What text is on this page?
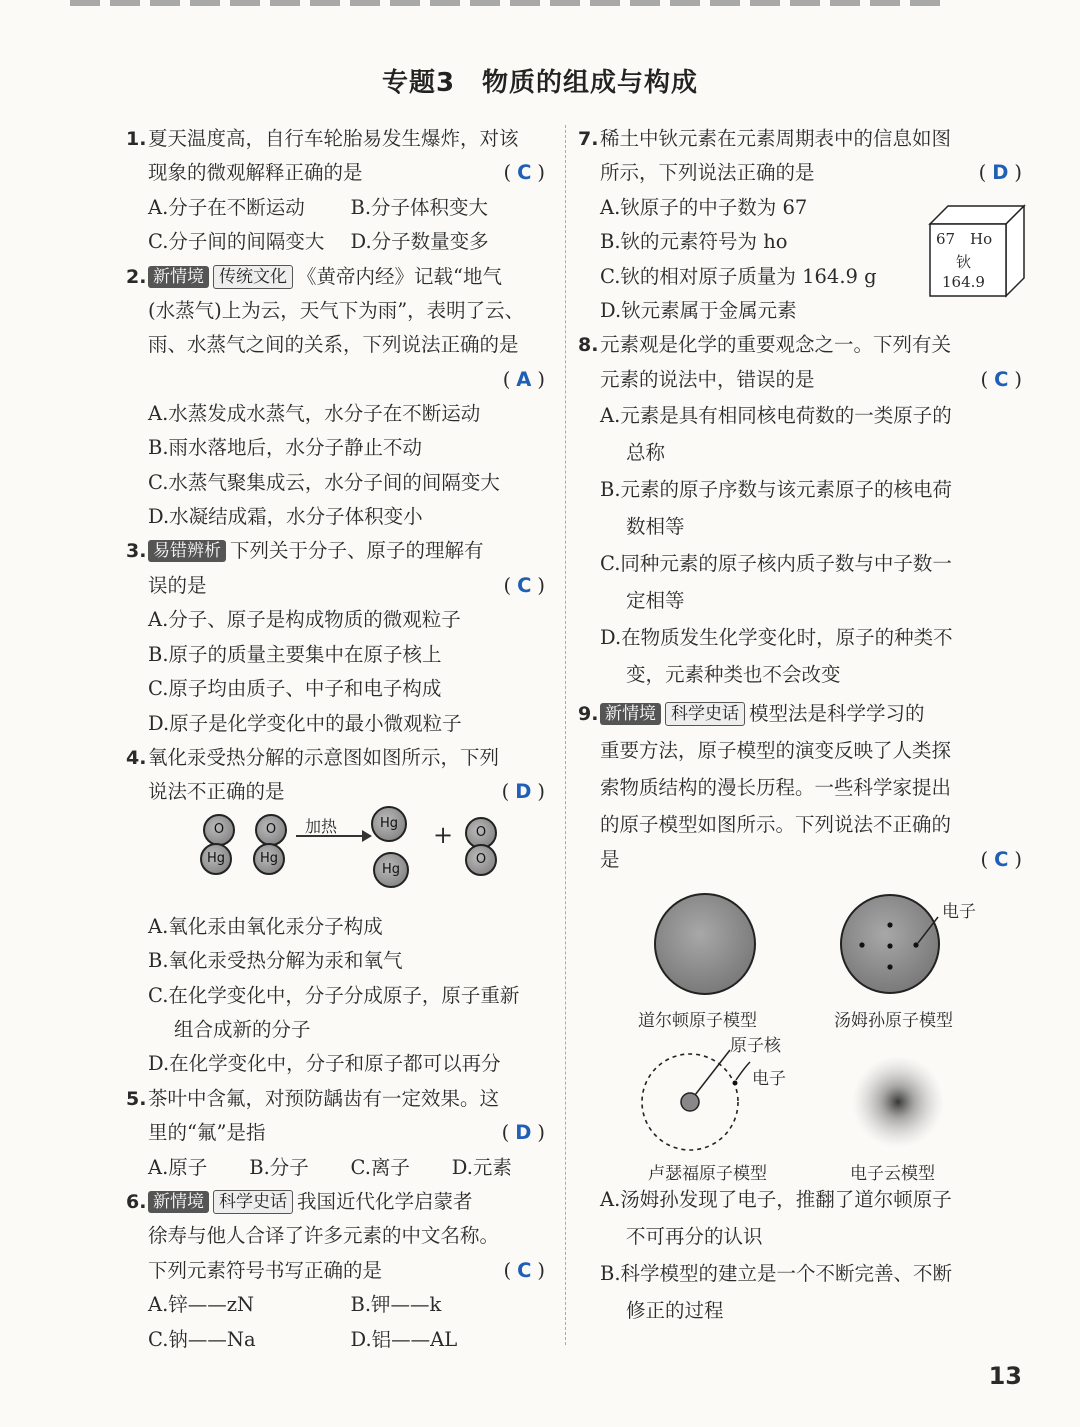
专题3　物质的组成与构成
1. 夏天温度高，自行车轮胎易发生爆炸，对该
现象的微观解释正确的是	( C )
A.分子在不断运动	B.分子体积变大
C.分子间的间隔变大	D.分子数量变多
2. 新情境 传统文化 《黄帝内经》记载“地气
(水蒸气)上为云，天气下为雨”，表明了云、
雨、水蒸气之间的关系，下列说法正确的是
( A )
A.水蒸发成水蒸气，水分子在不断运动
B.雨水落地后，水分子静止不动
C.水蒸气聚集成云，水分子间的间隔变大
D.水凝结成霜，水分子体积变小
3. 易错辨析 下列关于分子、原子的理解有
误的是	( C )
A.分子、原子是构成物质的微观粒子
B.原子的质量主要集中在原子核上
C.原子均由质子、中子和电子构成
D.原子是化学变化中的最小微观粒子
4. 氧化汞受热分解的示意图如图所示，下列
说法不正确的是	( D )
O
Hg
O
Hg
加热	Hg
Hg
+	O
O
A.氧化汞由氧化汞分子构成
B.氧化汞受热分解为汞和氧气
C.在化学变化中，分子分成原子，原子重新
组合成新的分子
D.在化学变化中，分子和原子都可以再分
5. 茶叶中含氟，对预防龋齿有一定效果。这
里的“氟”是指	( D )
A.原子	B.分子	C.离子	D.元素
6. 新情境 科学史话 我国近代化学启蒙者
徐寿与他人合译了许多元素的中文名称。
下列元素符号书写正确的是	( C )
A.锌——zN	B.钾——k
C.钠——Na	D.铝——AL
7. 稀土中钬元素在元素周期表中的信息如图
所示，下列说法正确的是	( D )
A.钬原子的中子数为 67
B.钬的元素符号为 ho
C.钬的相对原子质量为 164.9 g
D.钬元素属于金属元素
8. 元素观是化学的重要观念之一。下列有关
元素的说法中，错误的是	( C )
A.元素是具有相同核电荷数的一类原子的
总称
B.元素的原子序数与该元素原子的核电荷
数相等
C.同种元素的原子核内质子数与中子数一
定相等
D.在物质发生化学变化时，原子的种类不
变，元素种类也不会改变
9. 新情境 科学史话 模型法是科学学习的
重要方法，原子模型的演变反映了人类探
索物质结构的漫长历程。一些科学家提出
的原子模型如图所示。下列说法不正确的
是	( C )
电子
道尔顿原子模型	汤姆孙原子模型
原子核
电子
卢瑟福原子模型	电子云模型
A.汤姆孙发现了电子，推翻了道尔顿原子
不可再分的认识
B.科学模型的建立是一个不断完善、不断
修正的过程
67 Ho
钬
164.9
13
